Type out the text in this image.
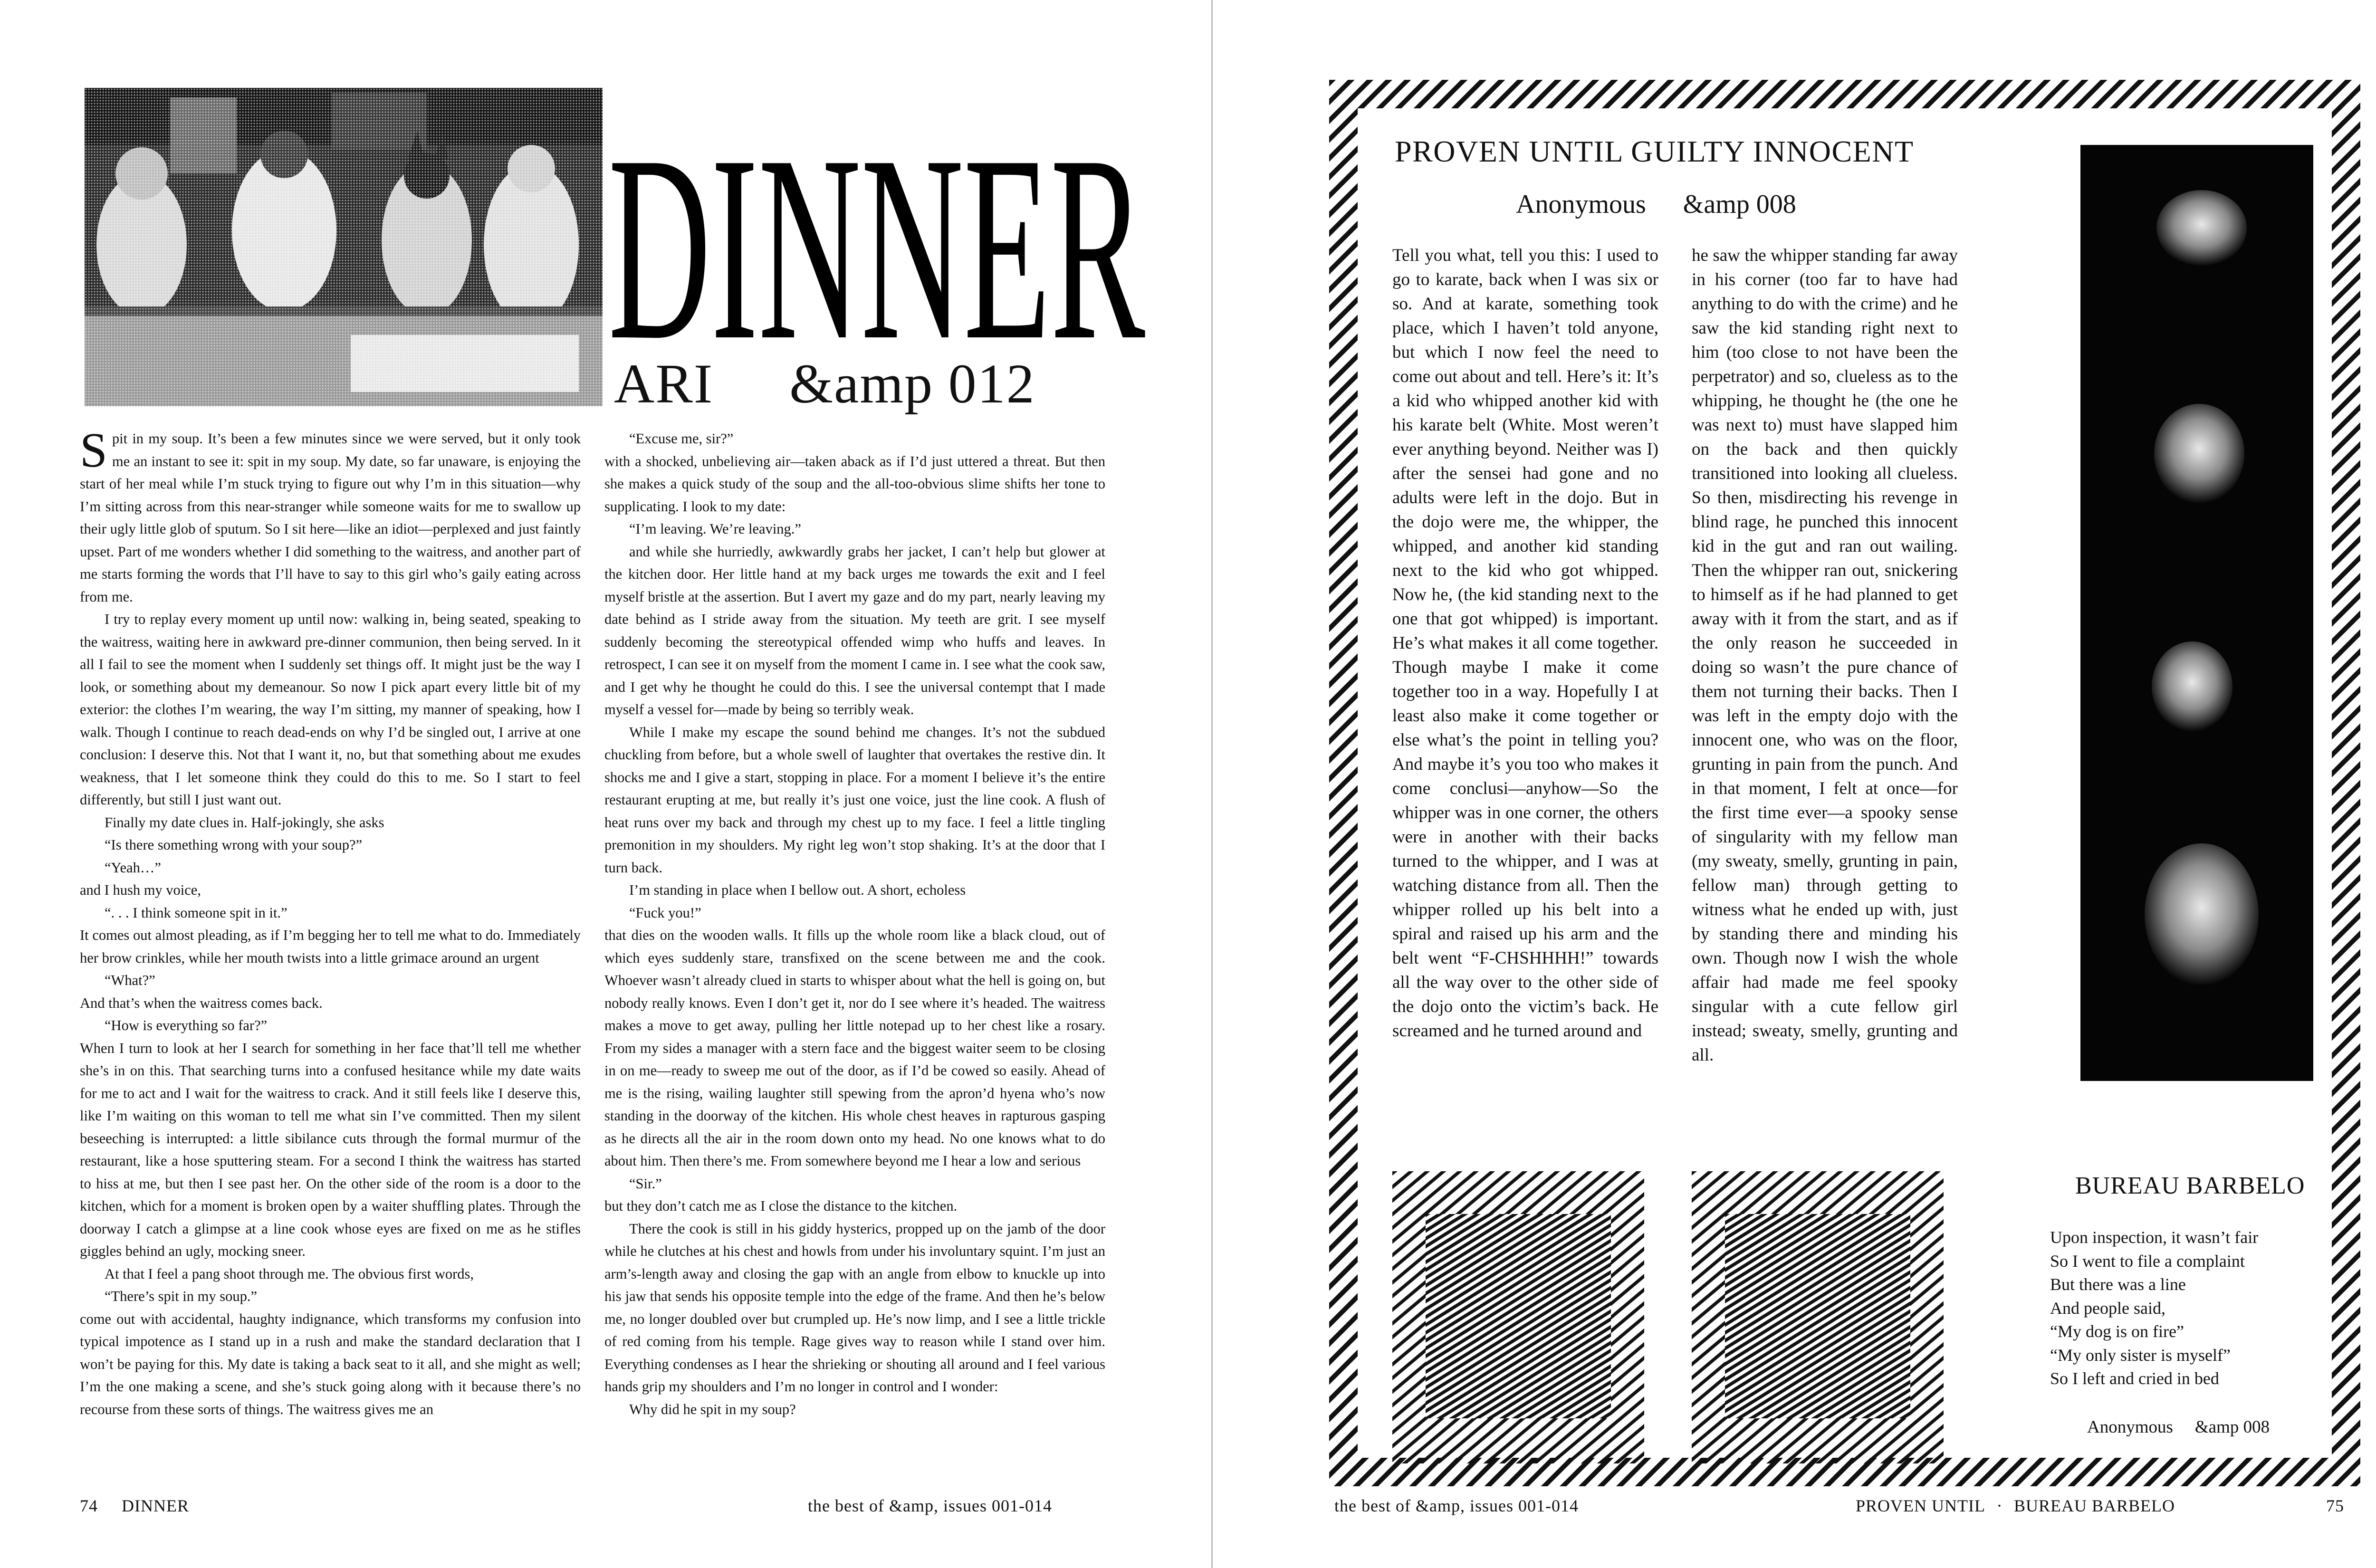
DINNER
ARI &amp 012
S pit in my soup. It’s been a few minutes since we were served, but it only took me an instant to see it: spit in my soup. My date, so far unaware, is enjoying the start of her meal while I’m stuck trying to figure out why I’m in this situation—why I’m sitting across from this near-stranger while someone waits for me to swallow up their ugly little glob of sputum. So I sit here—like an idiot—perplexed and just faintly upset. Part of me wonders whether I did something to the waitress, and another part of me starts forming the words that I’ll have to say to this girl who’s gaily eating across from me.

I try to replay every moment up until now: walking in, being seated, speaking to the waitress, waiting here in awkward pre-dinner communion, then being served. In it all I fail to see the moment when I suddenly set things off. It might just be the way I look, or something about my demeanour. So now I pick apart every little bit of my exterior: the clothes I’m wearing, the way I’m sitting, my manner of speaking, how I walk. Though I continue to reach dead-ends on why I’d be singled out, I arrive at one conclusion: I deserve this. Not that I want it, no, but that something about me exudes weakness, that I let someone think they could do this to me. So I start to feel differently, but still I just want out.

Finally my date clues in. Half-jokingly, she asks

“Is there something wrong with your soup?”

“Yeah…”

and I hush my voice,

“. . . I think someone spit in it.”

It comes out almost pleading, as if I’m begging her to tell me what to do. Immediately her brow crinkles, while her mouth twists into a little grimace around an urgent

“What?”

And that’s when the waitress comes back.

“How is everything so far?”

When I turn to look at her I search for something in her face that’ll tell me whether she’s in on this. That searching turns into a confused hesitance while my date waits for me to act and I wait for the waitress to crack. And it still feels like I deserve this, like I’m waiting on this woman to tell me what sin I’ve committed. Then my silent beseeching is interrupted: a little sibilance cuts through the formal murmur of the restaurant, like a hose sputtering steam. For a second I think the waitress has started to hiss at me, but then I see past her. On the other side of the room is a door to the kitchen, which for a moment is broken open by a waiter shuffling plates. Through the doorway I catch a glimpse at a line cook whose eyes are fixed on me as he stifles giggles behind an ugly, mocking sneer.

At that I feel a pang shoot through me. The obvious first words,

“There’s spit in my soup.”

come out with accidental, haughty indignance, which transforms my confusion into typical impotence as I stand up in a rush and make the standard declaration that I won’t be paying for this. My date is taking a back seat to it all, and she might as well; I’m the one making a scene, and she’s stuck going along with it because there’s no recourse from these sorts of things. The waitress gives me an

“Excuse me, sir?”

with a shocked, unbelieving air—taken aback as if I’d just uttered a threat. But then she makes a quick study of the soup and the all-too-obvious slime shifts her tone to supplicating. I look to my date:

“I’m leaving. We’re leaving.”

and while she hurriedly, awkwardly grabs her jacket, I can’t help but glower at the kitchen door. Her little hand at my back urges me towards the exit and I feel myself bristle at the assertion. But I avert my gaze and do my part, nearly leaving my date behind as I stride away from the situation. My teeth are grit. I see myself suddenly becoming the stereotypical offended wimp who huffs and leaves. In retrospect, I can see it on myself from the moment I came in. I see what the cook saw, and I get why he thought he could do this. I see the universal contempt that I made myself a vessel for—made by being so terribly weak.

While I make my escape the sound behind me changes. It’s not the subdued chuckling from before, but a whole swell of laughter that overtakes the restive din. It shocks me and I give a start, stopping in place. For a moment I believe it’s the entire restaurant erupting at me, but really it’s just one voice, just the line cook. A flush of heat runs over my back and through my chest up to my face. I feel a little tingling premonition in my shoulders. My right leg won’t stop shaking. It’s at the door that I turn back.

I’m standing in place when I bellow out. A short, echoless

“Fuck you!”

that dies on the wooden walls. It fills up the whole room like a black cloud, out of which eyes suddenly stare, transfixed on the scene between me and the cook. Whoever wasn’t already clued in starts to whisper about what the hell is going on, but nobody really knows. Even I don’t get it, nor do I see where it’s headed. The waitress makes a move to get away, pulling her little notepad up to her chest like a rosary. From my sides a manager with a stern face and the biggest waiter seem to be closing in on me—ready to sweep me out of the door, as if I’d be cowed so easily. Ahead of me is the rising, wailing laughter still spewing from the apron’d hyena who’s now standing in the doorway of the kitchen. His whole chest heaves in rapturous gasping as he directs all the air in the room down onto my head. No one knows what to do about him. Then there’s me. From somewhere beyond me I hear a low and serious

“Sir.”

but they don’t catch me as I close the distance to the kitchen.

There the cook is still in his giddy hysterics, propped up on the jamb of the door while he clutches at his chest and howls from under his involuntary squint. I’m just an arm’s-length away and closing the gap with an angle from elbow to knuckle up into his jaw that sends his opposite temple into the edge of the frame. And then he’s below me, no longer doubled over but crumpled up. He’s now limp, and I see a little trickle of red coming from his temple. Rage gives way to reason while I stand over him. Everything condenses as I hear the shrieking or shouting all around and I feel various hands grip my shoulders and I’m no longer in control and I wonder:

Why did he spit in my soup?

74 DINNER	the best of &amp, issues 001-014
PROVEN UNTIL GUILTY INNOCENT
Anonymous &amp 008
Tell you what, tell you this: I used to go to karate, back when I was six or so. And at karate, something took place, which I haven’t told anyone, but which I now feel the need to come out about and tell. Here’s it: It’s a kid who whipped another kid with his karate belt (White. Most weren’t ever anything beyond. Neither was I) after the sensei had gone and no adults were left in the dojo. But in the dojo were me, the whipper, the whipped, and another kid standing next to the kid who got whipped. Now he, (the kid standing next to the one that got whipped) is important. He’s what makes it all come together. Though maybe I make it come together too in a way. Hopefully I at least also make it come together or else what’s the point in telling you? And maybe it’s you too who makes it come conclusi—anyhow—So the whipper was in one corner, the others were in another with their backs turned to the whipper, and I was at watching distance from all. Then the whipper rolled up his belt into a spiral and raised up his arm and the belt went “F-CHSHHHH!” towards all the way over to the other side of the dojo onto the victim’s back. He screamed and he turned around and
he saw the whipper standing far away in his corner (too far to have had anything to do with the crime) and he saw the kid standing right next to him (too close to not have been the perpetrator) and so, clueless as to the whipping, he thought he (the one he was next to) must have slapped him on the back and then quickly transitioned into looking all clueless. So then, misdirecting his revenge in blind rage, he punched this innocent kid in the gut and ran out wailing. Then the whipper ran out, snickering to himself as if he had planned to get away with it from the start, and as if the only reason he succeeded in doing so wasn’t the pure chance of them not turning their backs. Then I was left in the empty dojo with the innocent one, who was on the floor, grunting in pain from the punch. And in that moment, I felt at once—for the first time ever—a spooky sense of singularity with my fellow man (my sweaty, smelly, grunting in pain, fellow man) through getting to witness what he ended up with, just by standing there and minding his own. Though now I wish the whole affair had made me feel spooky singular with a cute fellow girl instead; sweaty, smelly, grunting and all.
BUREAU BARBELO
Upon inspection, it wasn’t fair
So I went to file a complaint
But there was a line
And people said,
“My dog is on fire”
“My only sister is myself”
So I left and cried in bed
Anonymous &amp 008
the best of &amp, issues 001-014	PROVEN UNTIL · BUREAU BARBELO	75
